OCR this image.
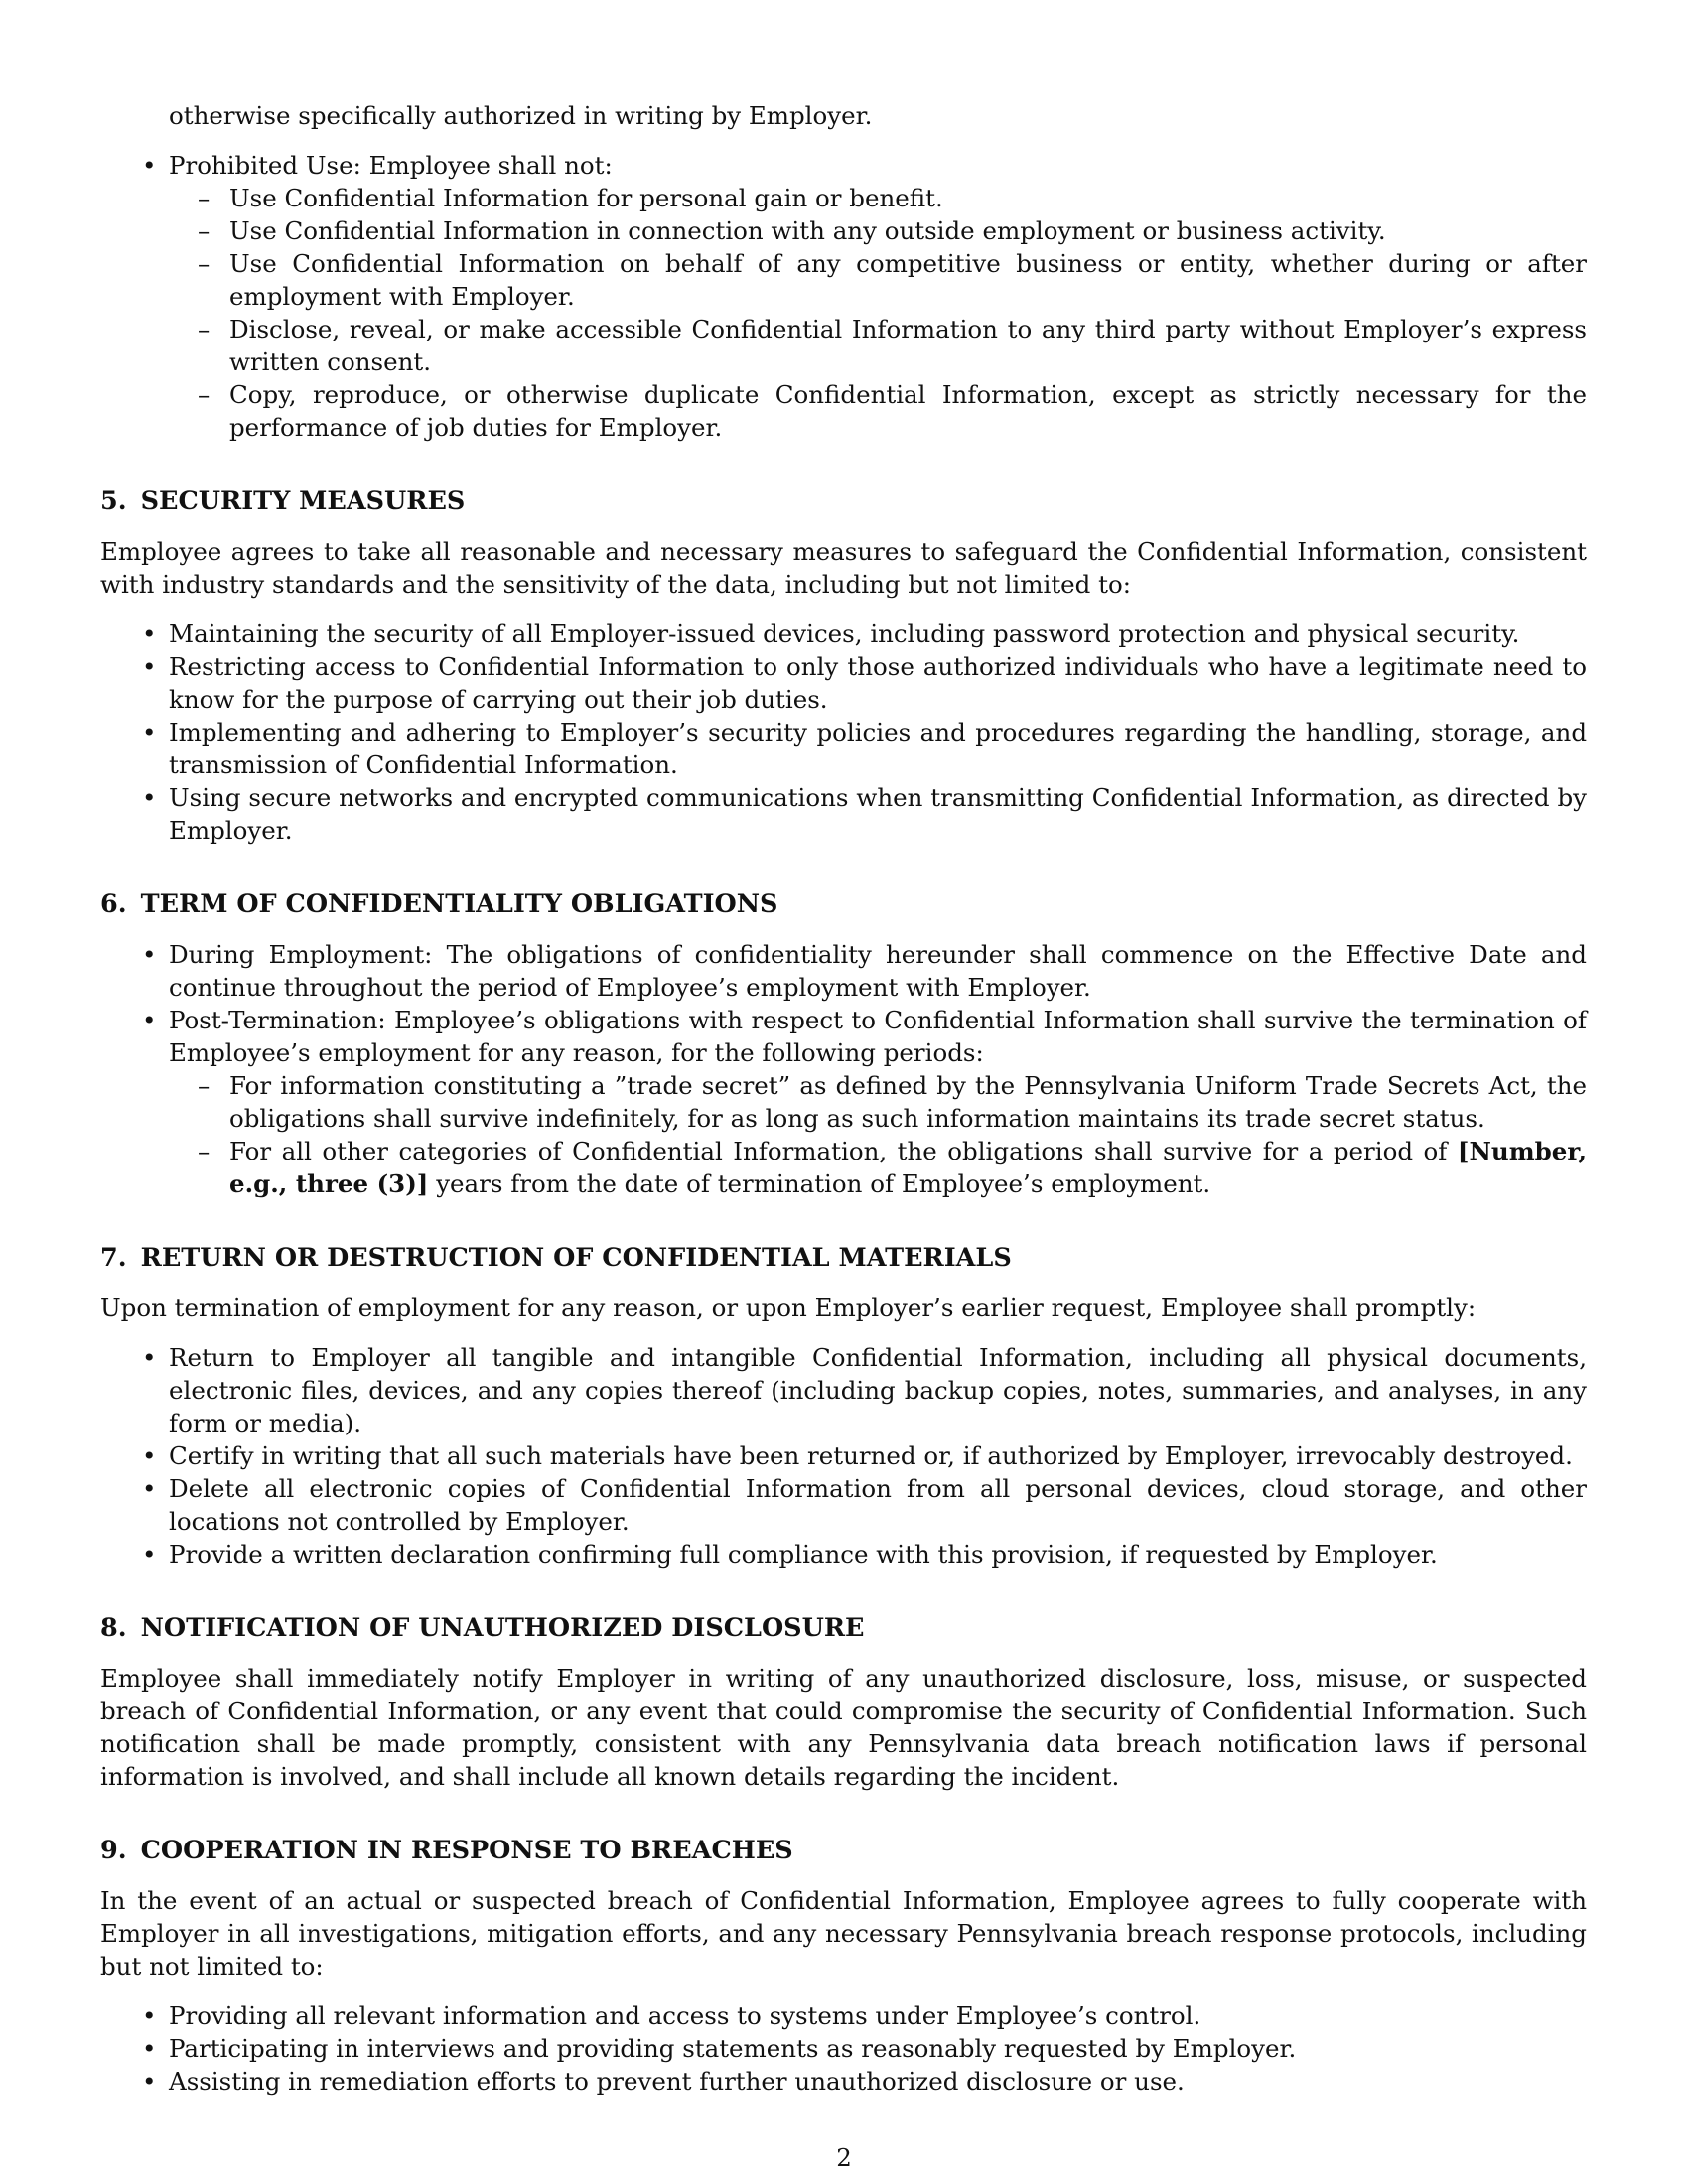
otherwise specifically authorized in writing by Employer.
• Prohibited Use: Employee shall not:
– Use Confidential Information for personal gain or benefit.
– Use Confidential Information in connection with any outside employment or business activity.
– Use Confidential Information on behalf of any competitive business or entity, whether during or after employment with Employer.
– Disclose, reveal, or make accessible Confidential Information to any third party without Employer’s express written consent.
– Copy, reproduce, or otherwise duplicate Confidential Information, except as strictly necessary for the performance of job duties for Employer.
5. SECURITY MEASURES

Employee agrees to take all reasonable and necessary measures to safeguard the Confidential Information, consistent with industry standards and the sensitivity of the data, including but not limited to:

• Maintaining the security of all Employer-issued devices, including password protection and physical security.
• Restricting access to Confidential Information to only those authorized individuals who have a legitimate need to know for the purpose of carrying out their job duties.
• Implementing and adhering to Employer’s security policies and procedures regarding the handling, storage, and transmission of Confidential Information.
• Using secure networks and encrypted communications when transmitting Confidential Information, as directed by Employer.
6. TERM OF CONFIDENTIALITY OBLIGATIONS
• During Employment: The obligations of confidentiality hereunder shall commence on the Effective Date and continue throughout the period of Employee’s employment with Employer.
• Post-Termination: Employee’s obligations with respect to Confidential Information shall survive the termination of Employee’s employment for any reason, for the following periods:
– For information constituting a ”trade secret” as defined by the Pennsylvania Uniform Trade Secrets Act, the obligations shall survive indefinitely, for as long as such information maintains its trade secret status.
– For all other categories of Confidential Information, the obligations shall survive for a period of [Number, e.g., three (3)] years from the date of termination of Employee’s employment.
7. RETURN OR DESTRUCTION OF CONFIDENTIAL MATERIALS

Upon termination of employment for any reason, or upon Employer’s earlier request, Employee shall promptly:

• Return to Employer all tangible and intangible Confidential Information, including all physical documents, electronic files, devices, and any copies thereof (including backup copies, notes, summaries, and analyses, in any form or media).
• Certify in writing that all such materials have been returned or, if authorized by Employer, irrevocably destroyed.
• Delete all electronic copies of Confidential Information from all personal devices, cloud storage, and other locations not controlled by Employer.
• Provide a written declaration confirming full compliance with this provision, if requested by Employer.
8. NOTIFICATION OF UNAUTHORIZED DISCLOSURE

Employee shall immediately notify Employer in writing of any unauthorized disclosure, loss, misuse, or suspected breach of Confidential Information, or any event that could compromise the security of Confidential Information. Such notification shall be made promptly, consistent with any Pennsylvania data breach notification laws if personal information is involved, and shall include all known details regarding the incident.

9. COOPERATION IN RESPONSE TO BREACHES

In the event of an actual or suspected breach of Confidential Information, Employee agrees to fully cooperate with Employer in all investigations, mitigation efforts, and any necessary Pennsylvania breach response protocols, including but not limited to:

• Providing all relevant information and access to systems under Employee’s control.
• Participating in interviews and providing statements as reasonably requested by Employer.
• Assisting in remediation efforts to prevent further unauthorized disclosure or use.
2
